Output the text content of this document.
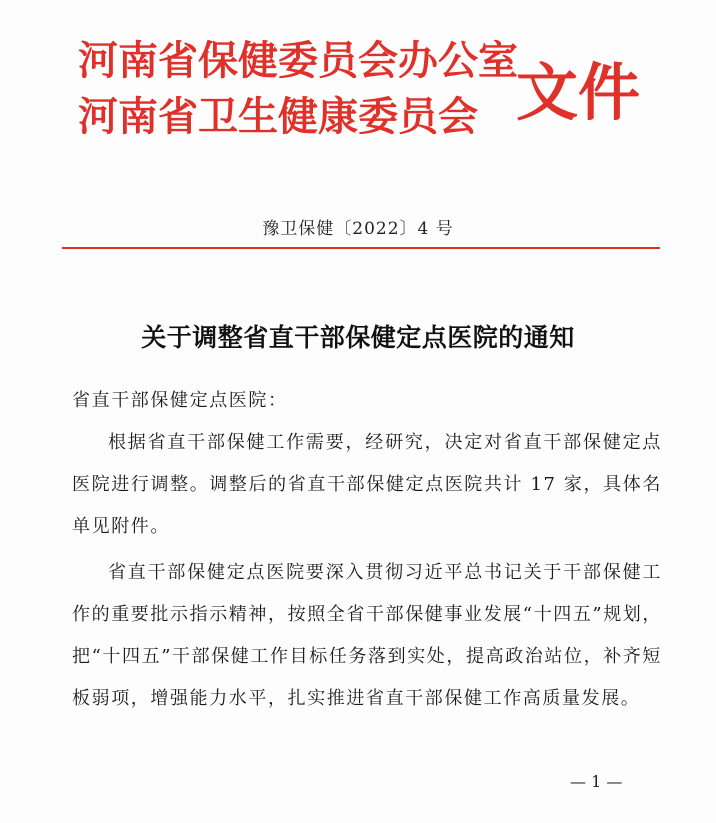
河南省保健委员会办公室
河南省卫生健康委员会 文件
豫卫保健〔2022〕4 号
关于调整省直干部保健定点医院的通知
省直干部保健定点医院：
根据省直干部保健工作需要，经研究，决定对省直干部保健定点医院进行调整。调整后的省直干部保健定点医院共计 17 家，具体名单见附件。
省直干部保健定点医院要深入贯彻习近平总书记关于干部保健工作的重要批示指示精神，按照全省干部保健事业发展“十四五”规划，把“十四五”干部保健工作目标任务落到实处，提高政治站位，补齐短板弱项，增强能力水平，扎实推进省直干部保健工作高质量发展。
— 1 —
